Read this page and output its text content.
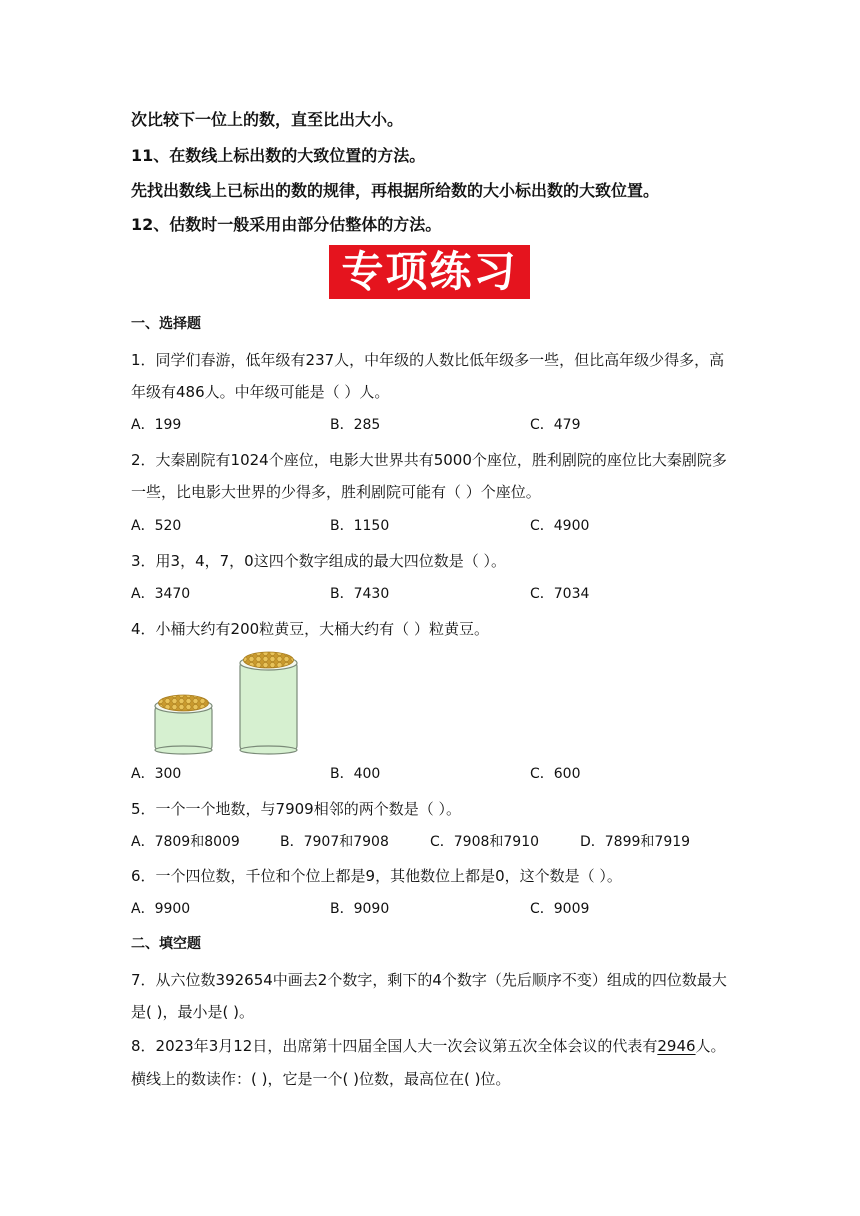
次比较下一位上的数，直至比出大小。
11、在数线上标出数的大致位置的方法。
先找出数线上已标出的数的规律，再根据所给数的大小标出数的大致位置。
12、估数时一般采用由部分估整体的方法。
专项练习
一、选择题
1．同学们春游，低年级有237人，中年级的人数比低年级多一些，但比高年级少得多，高
年级有486人。中年级可能是（ ）人。
A．199	B．285	C．479
2．大秦剧院有1024个座位，电影大世界共有5000个座位，胜利剧院的座位比大秦剧院多
一些，比电影大世界的少得多，胜利剧院可能有（ ）个座位。
A．520	B．1150	C．4900
3．用3，4，7，0这四个数字组成的最大四位数是（ ）。
A．3470	B．7430	C．7034
4．小桶大约有200粒黄豆，大桶大约有（ ）粒黄豆。
A．300	B．400	C．600
5．一个一个地数，与7909相邻的两个数是（ ）。
A．7809和8009	B．7907和7908	C．7908和7910	D．7899和7919
6．一个四位数，千位和个位上都是9，其他数位上都是0，这个数是（ ）。
A．9900	B．9090	C．9009
二、填空题
7．从六位数392654中画去2个数字，剩下的4个数字（先后顺序不变）组成的四位数最大
是( )，最小是( )。
8．2023年3月12日，出席第十四届全国人大一次会议第五次全体会议的代表有2946人。
横线上的数读作：( )，它是一个( )位数，最高位在( )位。
